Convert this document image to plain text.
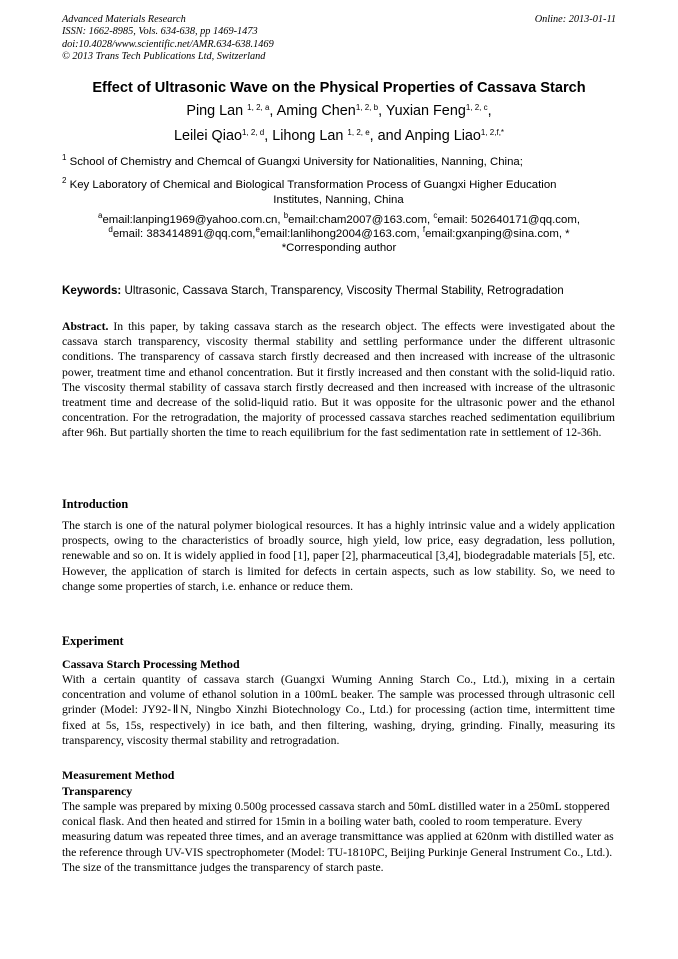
Advanced Materials Research
ISSN: 1662-8985, Vols. 634-638, pp 1469-1473
doi:10.4028/www.scientific.net/AMR.634-638.1469
© 2013 Trans Tech Publications Ltd, Switzerland
Online: 2013-01-11
Effect of Ultrasonic Wave on the Physical Properties of Cassava Starch
Ping Lan $^{1, 2, a}$, Aming Chen$^{1, 2, b}$, Yuxian Feng$^{1, 2, c}$,
Leilei Qiao$^{1, 2, d}$, Lihong Lan $^{1, 2, e}$, and Anping Liao$^{1, 2,f,*}$
$^1$ School of Chemistry and Chemcal of Guangxi University for Nationalities, Nanning, China;
$^2$ Key Laboratory of Chemical and Biological Transformation Process of Guangxi Higher Education
Institutes, Nanning, China
$^a$email:lanping1969@yahoo.com.cn, $^b$email:cham2007@163.com, $^c$email: 502640171@qq.com,
$^d$email: 383414891@qq.com,$^e$email:lanlihong2004@163.com, $^f$email:gxanping@sina.com, *
*Corresponding author
Keywords: Ultrasonic, Cassava Starch, Transparency, Viscosity Thermal Stability, Retrogradation
Abstract. In this paper, by taking cassava starch as the research object. The effects were investigated about the cassava starch transparency, viscosity thermal stability and settling performance under the different ultrasonic conditions. The transparency of cassava starch firstly decreased and then increased with increase of the ultrasonic power, treatment time and ethanol concentration. But it firstly increased and then constant with the solid-liquid ratio. The viscosity thermal stability of cassava starch firstly decreased and then increased with increase of the ultrasonic treatment time and decrease of the solid-liquid ratio. But it was opposite for the ultrasonic power and the ethanol concentration. For the retrogradation, the majority of processed cassava starches reached sedimentation equilibrium after 96h. But partially shorten the time to reach equilibrium for the fast sedimentation rate in settlement of 12-36h.
Introduction
The starch is one of the natural polymer biological resources. It has a highly intrinsic value and a widely application prospects, owing to the characteristics of broadly source, high yield, low price, easy degradation, less pollution, renewable and so on. It is widely applied in food [1], paper [2], pharmaceutical [3,4], biodegradable materials [5], etc. However, the application of starch is limited for defects in certain aspects, such as low stability. So, we need to change some properties of starch, i.e. enhance or reduce them.
Experiment
Cassava Starch Processing Method
With a certain quantity of cassava starch (Guangxi Wuming Anning Starch Co., Ltd.), mixing in a certain concentration and volume of ethanol solution in a 100mL beaker. The sample was processed through ultrasonic cell grinder (Model: JY92-ⅡN, Ningbo Xinzhi Biotechnology Co., Ltd.) for processing (action time, intermittent time fixed at 5s, 15s, respectively) in ice bath, and then filtering, washing, drying, grinding. Finally, measuring its transparency, viscosity thermal stability and retrogradation.
Measurement Method
Transparency
The sample was prepared by mixing 0.500g processed cassava starch and 50mL distilled water in a 250mL stoppered conical flask. And then heated and stirred for 15min in a boiling water bath, cooled to room temperature. Every measuring datum was repeated three times, and an average transmittance was applied at 620nm with distilled water as the reference through UV-VIS spectrophometer (Model: TU-1810PC, Beijing Purkinje General Instrument Co., Ltd.). The size of the transmittance judges the transparency of starch paste.
